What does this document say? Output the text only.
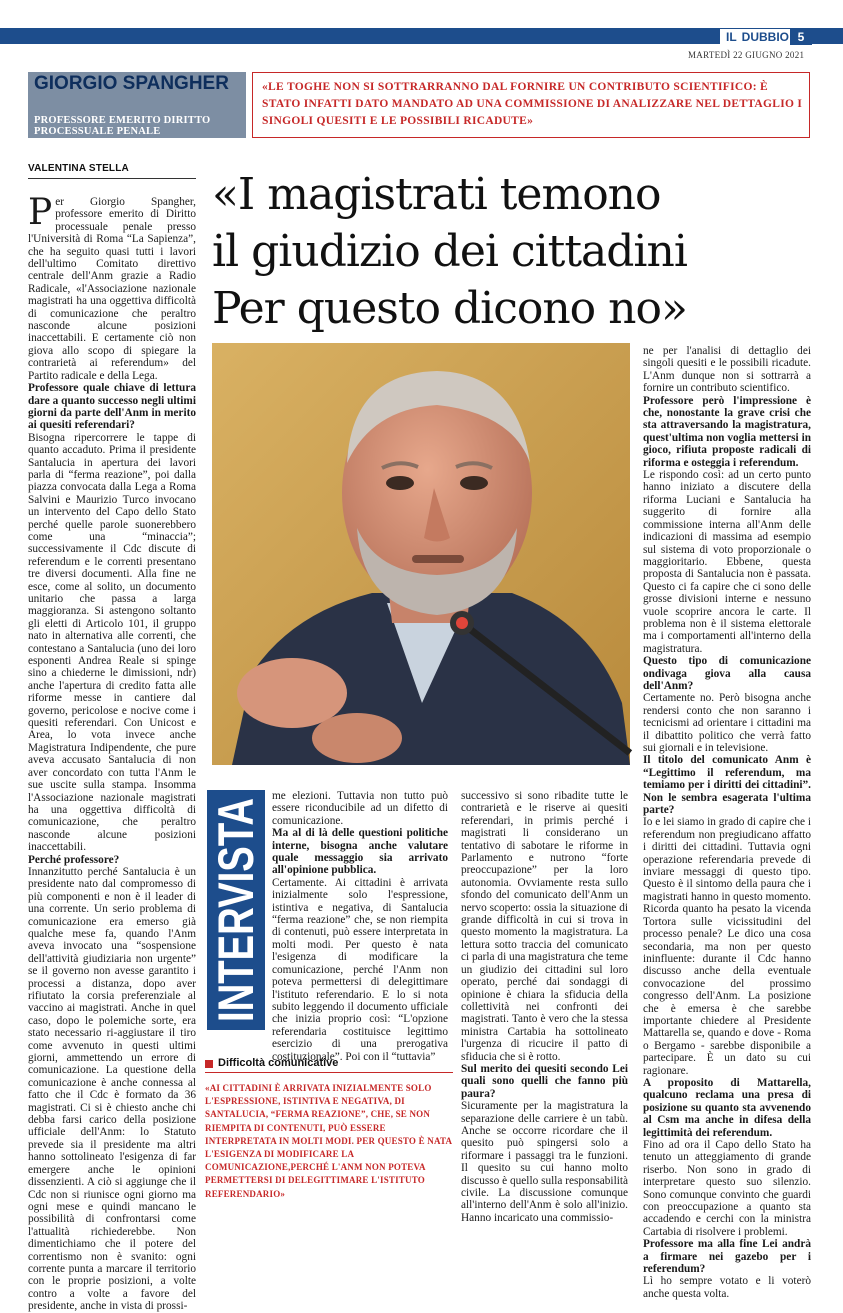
IL DUBBIO 5
MARTEDÌ 22 GIUGNO 2021
GIORGIO SPANGHER
PROFESSORE EMERITO DIRITTO PROCESSUALE PENALE
«LE TOGHE NON SI SOTTRARRANNO DAL FORNIRE UN CONTRIBUTO SCIENTIFICO: È STATO INFATTI DATO MANDATO AD UNA COMMISSIONE DI ANALIZZARE NEL DETTAGLIO I SINGOLI QUESITI E LE POSSIBILI RICADUTE»
VALENTINA STELLA
«I magistrati temono
il giudizio dei cittadini
Per questo dicono no»

Per Giorgio Spangher, professore emerito di Diritto processuale penale presso l'Università di Roma “La Sapienza”, che ha seguito quasi tutti i lavori dell'ultimo Comitato direttivo centrale dell'Anm grazie a Radio Radicale, «l'Associazione nazionale magistrati ha una oggettiva difficoltà di comunicazione che peraltro nasconde alcune posizioni inaccettabili. E certamente ciò non giova allo scopo di spiegare la contrarietà ai referendum» del Partito radicale e della Lega.

Professore quale chiave di lettura dare a quanto successo negli ultimi giorni da parte dell'Anm in merito ai quesiti referendari?

Bisogna ripercorrere le tappe di quanto accaduto. Prima il presidente Santalucia in apertura dei lavori parla di “ferma reazione”, poi dalla piazza convocata dalla Lega a Roma Salvini e Maurizio Turco invocano un intervento del Capo dello Stato perché quelle parole suonerebbero come una “minaccia”; successivamente il Cdc discute di referendum e le correnti presentano tre diversi documenti. Alla fine ne esce, come al solito, un documento unitario che passa a larga maggioranza. Si astengono soltanto gli eletti di Articolo 101, il gruppo nato in alternativa alle correnti, che contestano a Santalucia (uno dei loro esponenti Andrea Reale si spinge sino a chiederne le dimissioni, ndr) anche l'apertura di credito fatta alle riforme messe in cantiere dal governo, pericolose e nocive come i quesiti referendari. Con Unicost e Area, lo vota invece anche Magistratura Indipendente, che pure aveva accusato Santalucia di non aver concordato con tutta l'Anm le sue uscite sulla stampa. Insomma l'Associazione nazionale magistrati ha una oggettiva difficoltà di comunicazione, che peraltro nasconde alcune posizioni inaccettabili.

Perché professore?

Innanzitutto perché Santalucia è un presidente nato dal compromesso di più componenti e non è il leader di una corrente. Un serio problema di comunicazione era emerso già qualche mese fa, quando l'Anm aveva invocato una “sospensione dell'attività giudiziaria non urgente” se il governo non avesse garantito i processi a distanza, dopo aver rifiutato la corsia preferenziale al vaccino ai magistrati. Anche in quel caso, dopo le polemiche sorte, era stato necessario ri-aggiustare il tiro come avvenuto in questi ultimi giorni, ammettendo un errore di comunicazione. La questione della comunicazione è anche connessa al fatto che il Cdc è formato da 36 magistrati. Ci si è chiesto anche chi debba farsi carico della posizione ufficiale dell'Anm: lo Statuto prevede sia il presidente ma altri hanno sottolineato l'esigenza di far emergere anche le opinioni dissenzienti. A ciò si aggiunge che il Cdc non si riunisce ogni giorno ma ogni mese e quindi mancano le possibilità di confrontarsi come l'attualità richiederebbe. Non dimentichiamo che il potere del correntismo non è svanito: ogni corrente punta a marcare il territorio con le proprie posizioni, a volte contro a volte a favore del presidente, anche in vista di prossi-

INTERVISTA me elezioni. Tuttavia non tutto può essere riconducibile ad un difetto di comunicazione.

Ma al di là delle questioni politiche interne, bisogna anche valutare quale messaggio sia arrivato all'opinione pubblica.

Certamente. Ai cittadini è arrivata inizialmente solo l'espressione, istintiva e negativa, di Santalucia “ferma reazione” che, se non riempita di contenuti, può essere interpretata in molti modi. Per questo è nata l'esigenza di modificare la comunicazione, perché l'Anm non poteva permettersi di delegittimare l'istituto referendario. E lo si nota subito leggendo il documento ufficiale che inizia proprio così: “L'opzione referendaria costituisce legittimo esercizio di una prerogativa costituzionale”. Poi con il “tuttavia”

Difficoltà comunicative
«AI CITTADINI È ARRIVATA INIZIALMENTE SOLO L'ESPRESSIONE, ISTINTIVA E NEGATIVA, DI SANTALUCIA, “FERMA REAZIONE”, CHE, SE NON RIEMPITA DI CONTENUTI, PUÒ ESSERE INTERPRETATA IN MOLTI MODI. PER QUESTO È NATA L'ESIGENZA DI MODIFICARE LA COMUNICAZIONE,PERCHÉ L'ANM NON POTEVA PERMETTERSI DI DELEGITTIMARE L'ISTITUTO REFERENDARIO»

successivo si sono ribadite tutte le contrarietà e le riserve ai quesiti referendari, in primis perché i magistrati li considerano un tentativo di sabotare le riforme in Parlamento e nutrono “forte preoccupazione” per la loro autonomia. Ovviamente resta sullo sfondo del comunicato dell'Anm un nervo scoperto: ossia la situazione di grande difficoltà in cui si trova in questo momento la magistratura. La lettura sotto traccia del comunicato ci parla di una magistratura che teme un giudizio dei cittadini sul loro operato, perché dai sondaggi di opinione è chiara la sfiducia della collettività nei confronti dei magistrati. Tanto è vero che la stessa ministra Cartabia ha sottolineato l'urgenza di ricucire il patto di sfiducia che si è rotto.

Sul merito dei quesiti secondo Lei quali sono quelli che fanno più paura?

Sicuramente per la magistratura la separazione delle carriere è un tabù. Anche se occorre ricordare che il quesito può spingersi solo a riformare i passaggi tra le funzioni. Il quesito su cui hanno molto discusso è quello sulla responsabilità civile. La discussione comunque all'interno dell'Anm è solo all'inizio. Hanno incaricato una commissio-

ne per l'analisi di dettaglio dei singoli quesiti e le possibili ricadute. L'Anm dunque non si sottrarrà a fornire un contributo scientifico.

Professore però l'impressione è che, nonostante la grave crisi che sta attraversando la magistratura, quest'ultima non voglia mettersi in gioco, rifiuta proposte radicali di riforma e osteggia i referendum.

Le rispondo così: ad un certo punto hanno iniziato a discutere della riforma Luciani e Santalucia ha suggerito di fornire alla commissione interna all'Anm delle indicazioni di massima ad esempio sul sistema di voto proporzionale o maggioritario. Ebbene, questa proposta di Santalucia non è passata. Questo ci fa capire che ci sono delle grosse divisioni interne e nessuno vuole scoprire ancora le carte. Il problema non è il sistema elettorale ma i comportamenti all'interno della magistratura.

Questo tipo di comunicazione ondivaga giova alla causa dell'Anm?

Certamente no. Però bisogna anche rendersi conto che non saranno i tecnicismi ad orientare i cittadini ma il dibattito politico che verrà fatto sui giornali e in televisione.

Il titolo del comunicato Anm è “Legittimo il referendum, ma temiamo per i diritti dei cittadini”. Non le sembra esagerata l'ultima parte?

Io e lei siamo in grado di capire che i referendum non pregiudicano affatto i diritti dei cittadini. Tuttavia ogni operazione referendaria prevede di inviare messaggi di questo tipo. Questo è il sintomo della paura che i magistrati hanno in questo momento. Ricorda quanto ha pesato la vicenda Tortora sulle vicissitudini del processo penale? Le dico una cosa secondaria, ma non per questo ininfluente: durante il Cdc hanno discusso anche della eventuale convocazione del prossimo congresso dell'Anm. La posizione che è emersa è che sarebbe importante chiedere al Presidente Mattarella se, quando e dove - Roma o Bergamo - sarebbe disponibile a partecipare. È un dato su cui ragionare.

A proposito di Mattarella, qualcuno reclama una presa di posizione su quanto sta avvenendo al Csm ma anche in difesa della legittimità dei referendum.

Fino ad ora il Capo dello Stato ha tenuto un atteggiamento di grande riserbo. Non sono in grado di interpretare questo suo silenzio. Sono comunque convinto che guardi con preoccupazione a quanto sta accadendo e cerchi con la ministra Cartabia di risolvere i problemi.

Professore ma alla fine Lei andrà a firmare nei gazebo per i referendum?

Lì ho sempre votato e li voterò anche questa volta.
